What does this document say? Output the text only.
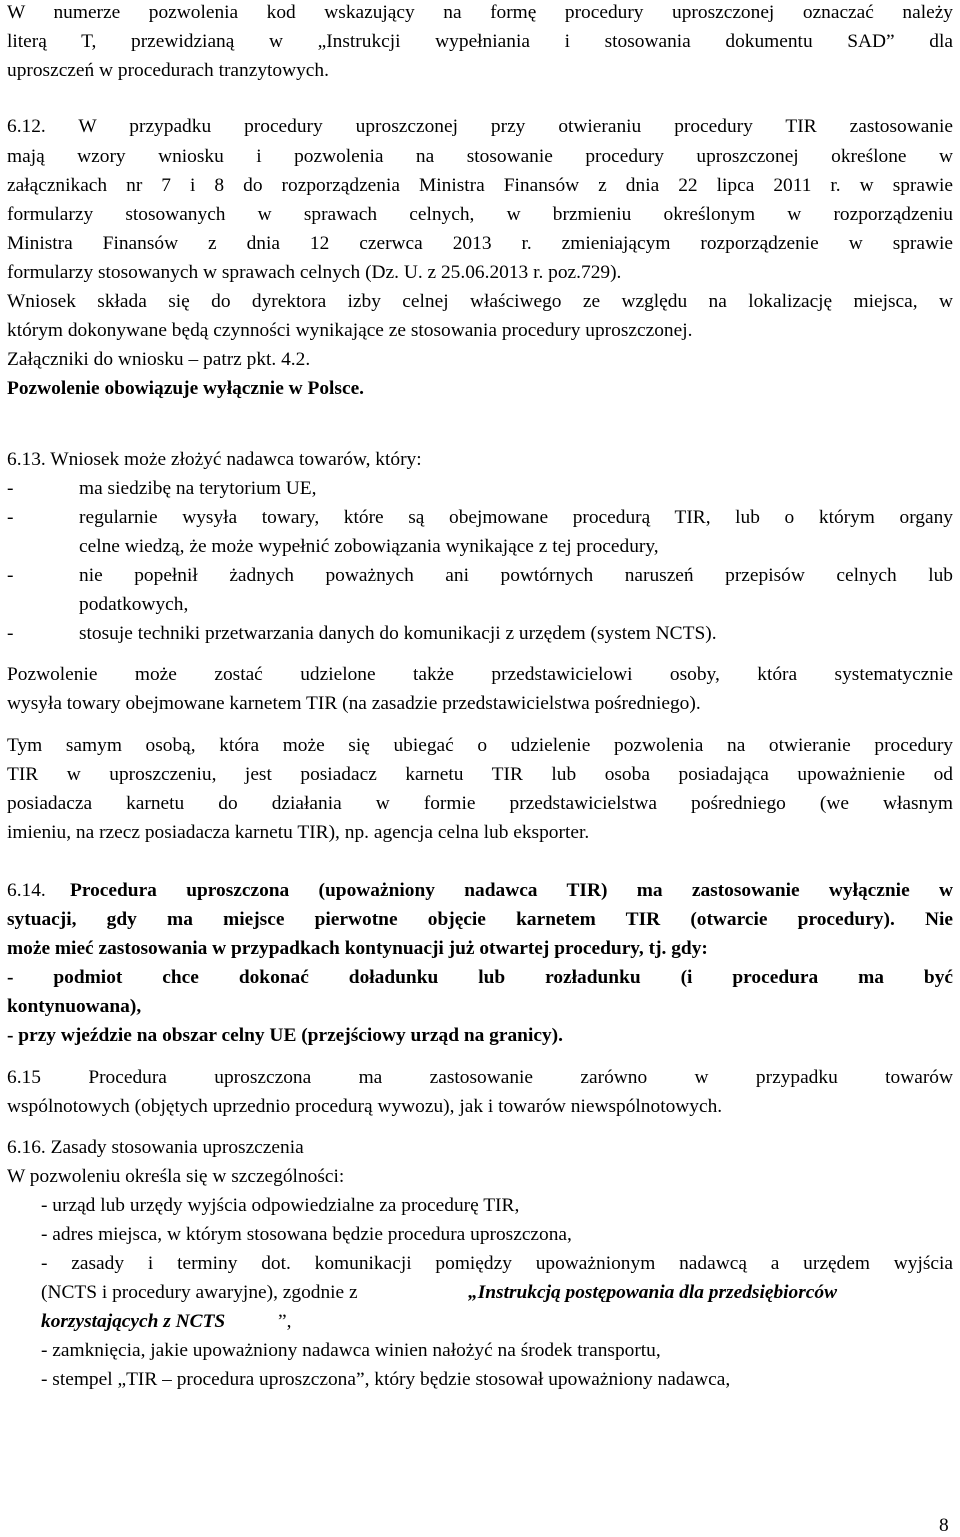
W numerze pozwolenia kod wskazujący na formę procedury uproszczonej oznaczać należy
literą T, przewidzianą w „Instrukcji wypełniania i stosowania dokumentu SAD” dla
uproszczeń w procedurach tranzytowych.
6.12. W przypadku procedury uproszczonej przy otwieraniu procedury TIR zastosowanie
mają wzory wniosku i pozwolenia na stosowanie procedury uproszczonej określone w
załącznikach nr 7 i 8 do rozporządzenia Ministra Finansów z dnia 22 lipca 2011 r. w sprawie
formularzy stosowanych w sprawach celnych, w brzmieniu określonym w rozporządzeniu
Ministra Finansów z dnia 12 czerwca 2013 r. zmieniającym rozporządzenie w sprawie
formularzy stosowanych w sprawach celnych (Dz. U. z 25.06.2013 r. poz.729).
Wniosek składa się do dyrektora izby celnej właściwego ze względu na lokalizację miejsca, w
którym dokonywane będą czynności wynikające ze stosowania procedury uproszczonej.
Załączniki do wniosku – patrz pkt. 4.2.
Pozwolenie obowiązuje wyłącznie w Polsce.
6.13. Wniosek może złożyć nadawca towarów, który:
-	ma siedzibę na terytorium UE,
-	regularnie wysyła towary, które są obejmowane procedurą TIR, lub o którym organy
celne wiedzą, że może wypełnić zobowiązania wynikające z tej procedury,
-	nie popełnił żadnych poważnych ani powtórnych naruszeń przepisów celnych lub
podatkowych,
-	stosuje techniki przetwarzania danych do komunikacji z urzędem (system NCTS).
Pozwolenie może zostać udzielone także przedstawicielowi osoby, która systematycznie
wysyła towary obejmowane karnetem TIR (na zasadzie przedstawicielstwa pośredniego).
Tym samym osobą, która może się ubiegać o udzielenie pozwolenia na otwieranie procedury
TIR w uproszczeniu, jest posiadacz karnetu TIR lub osoba posiadająca upoważnienie od
posiadacza karnetu do działania w formie przedstawicielstwa pośredniego (we własnym
imieniu, na rzecz posiadacza karnetu TIR), np. agencja celna lub eksporter.
6.14. Procedura uproszczona (upoważniony nadawca TIR) ma zastosowanie wyłącznie w
sytuacji, gdy ma miejsce pierwotne objęcie karnetem TIR (otwarcie procedury). Nie
może mieć zastosowania w przypadkach kontynuacji już otwartej procedury, tj. gdy:
- podmiot chce dokonać doładunku lub rozładunku (i procedura ma być
kontynuowana),
- przy wjeździe na obszar celny UE (przejściowy urząd na granicy).
6.15 Procedura uproszczona ma zastosowanie zarówno w przypadku towarów
wspólnotowych (objętych uprzednio procedurą wywozu), jak i towarów niewspólnotowych.
6.16. Zasady stosowania uproszczenia
W pozwoleniu określa się w szczególności:
- urząd lub urzędy wyjścia odpowiedzialne za procedurę TIR,
- adres miejsca, w którym stosowana będzie procedura uproszczona,
- zasady i terminy dot. komunikacji pomiędzy upoważnionym nadawcą a urzędem wyjścia
(NCTS i procedury awaryjne), zgodnie z	„Instrukcją postępowania dla przedsiębiorców
korzystających z NCTS	”,
- zamknięcia, jakie upoważniony nadawca winien nałożyć na środek transportu,
- stempel „TIR – procedura uproszczona”, który będzie stosował upoważniony nadawca,
8
